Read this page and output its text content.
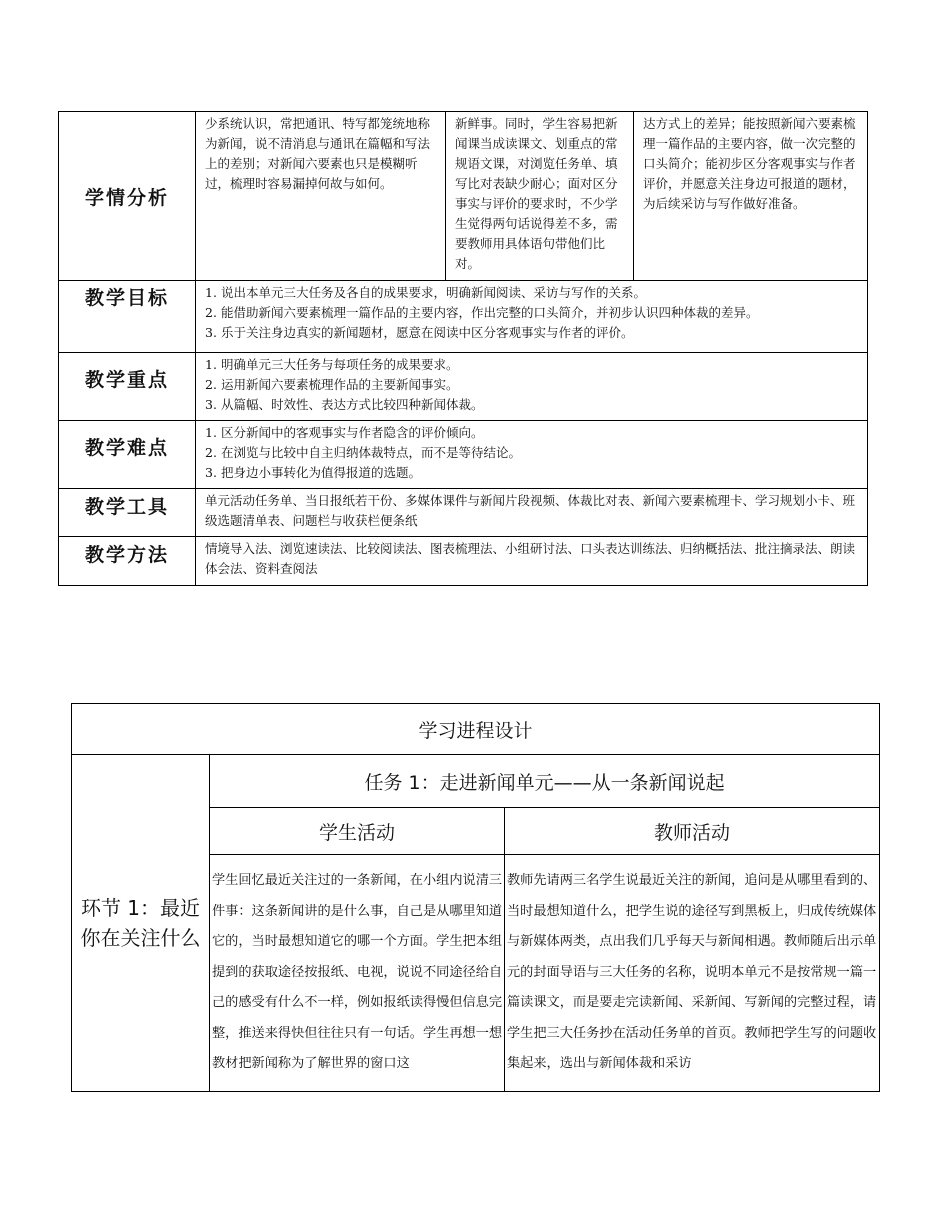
学情分析	少系统认识，常把通讯、特写都笼统地称为新闻，说不清消息与通讯在篇幅和写法上的差别；对新闻六要素也只是模糊听过，梳理时容易漏掉何故与如何。	新鲜事。同时，学生容易把新闻课当成读课文、划重点的常规语文课，对浏览任务单、填写比对表缺少耐心；面对区分事实与评价的要求时，不少学生觉得两句话说得差不多，需要教师用具体语句带他们比对。	达方式上的差异；能按照新闻六要素梳理一篇作品的主要内容，做一次完整的口头简介；能初步区分客观事实与作者评价，并愿意关注身边可报道的题材，为后续采访与写作做好准备。
教学目标	1. 说出本单元三大任务及各自的成果要求，明确新闻阅读、采访与写作的关系。
2. 能借助新闻六要素梳理一篇作品的主要内容，作出完整的口头简介，并初步认识四种体裁的差异。
3. 乐于关注身边真实的新闻题材，愿意在阅读中区分客观事实与作者的评价。		

教学重点	1. 明确单元三大任务与每项任务的成果要求。
2. 运用新闻六要素梳理作品的主要新闻事实。
3. 从篇幅、时效性、表达方式比较四种新闻体裁。		

教学难点	1. 区分新闻中的客观事实与作者隐含的评价倾向。
2. 在浏览与比较中自主归纳体裁特点，而不是等待结论。
3. 把身边小事转化为值得报道的选题。		

教学工具	单元活动任务单、当日报纸若干份、多媒体课件与新闻片段视频、体裁比对表、新闻六要素梳理卡、学习规划小卡、班级选题清单表、问题栏与收获栏便条纸		
教学方法	情境导入法、浏览速读法、比较阅读法、图表梳理法、小组研讨法、口头表达训练法、归纳概括法、批注摘录法、朗读体会法、资料查阅法		
学习进程设计		
环节 1：最近你在关注什么	任务 1：走进新闻单元——从一条新闻说起	
	学生活动	教师活动

	学生回忆最近关注过的一条新闻，在小组内说清三件事：这条新闻讲的是什么事，自己是从哪里知道它的，当时最想知道它的哪一个方面。学生把本组提到的获取途径按报纸、电视，说说不同途径给自己的感受有什么不一样，例如报纸读得慢但信息完整，推送来得快但往往只有一句话。学生再想一想教材把新闻称为了解世界的窗口这	教师先请两三名学生说最近关注的新闻，追问是从哪里看到的、当时最想知道什么，把学生说的途径写到黑板上，归成传统媒体与新媒体两类，点出我们几乎每天与新闻相遇。教师随后出示单元的封面导语与三大任务的名称，说明本单元不是按常规一篇一篇读课文，而是要走完读新闻、采新闻、写新闻的完整过程，请学生把三大任务抄在活动任务单的首页。教师把学生写的问题收集起来，选出与新闻体裁和采访
